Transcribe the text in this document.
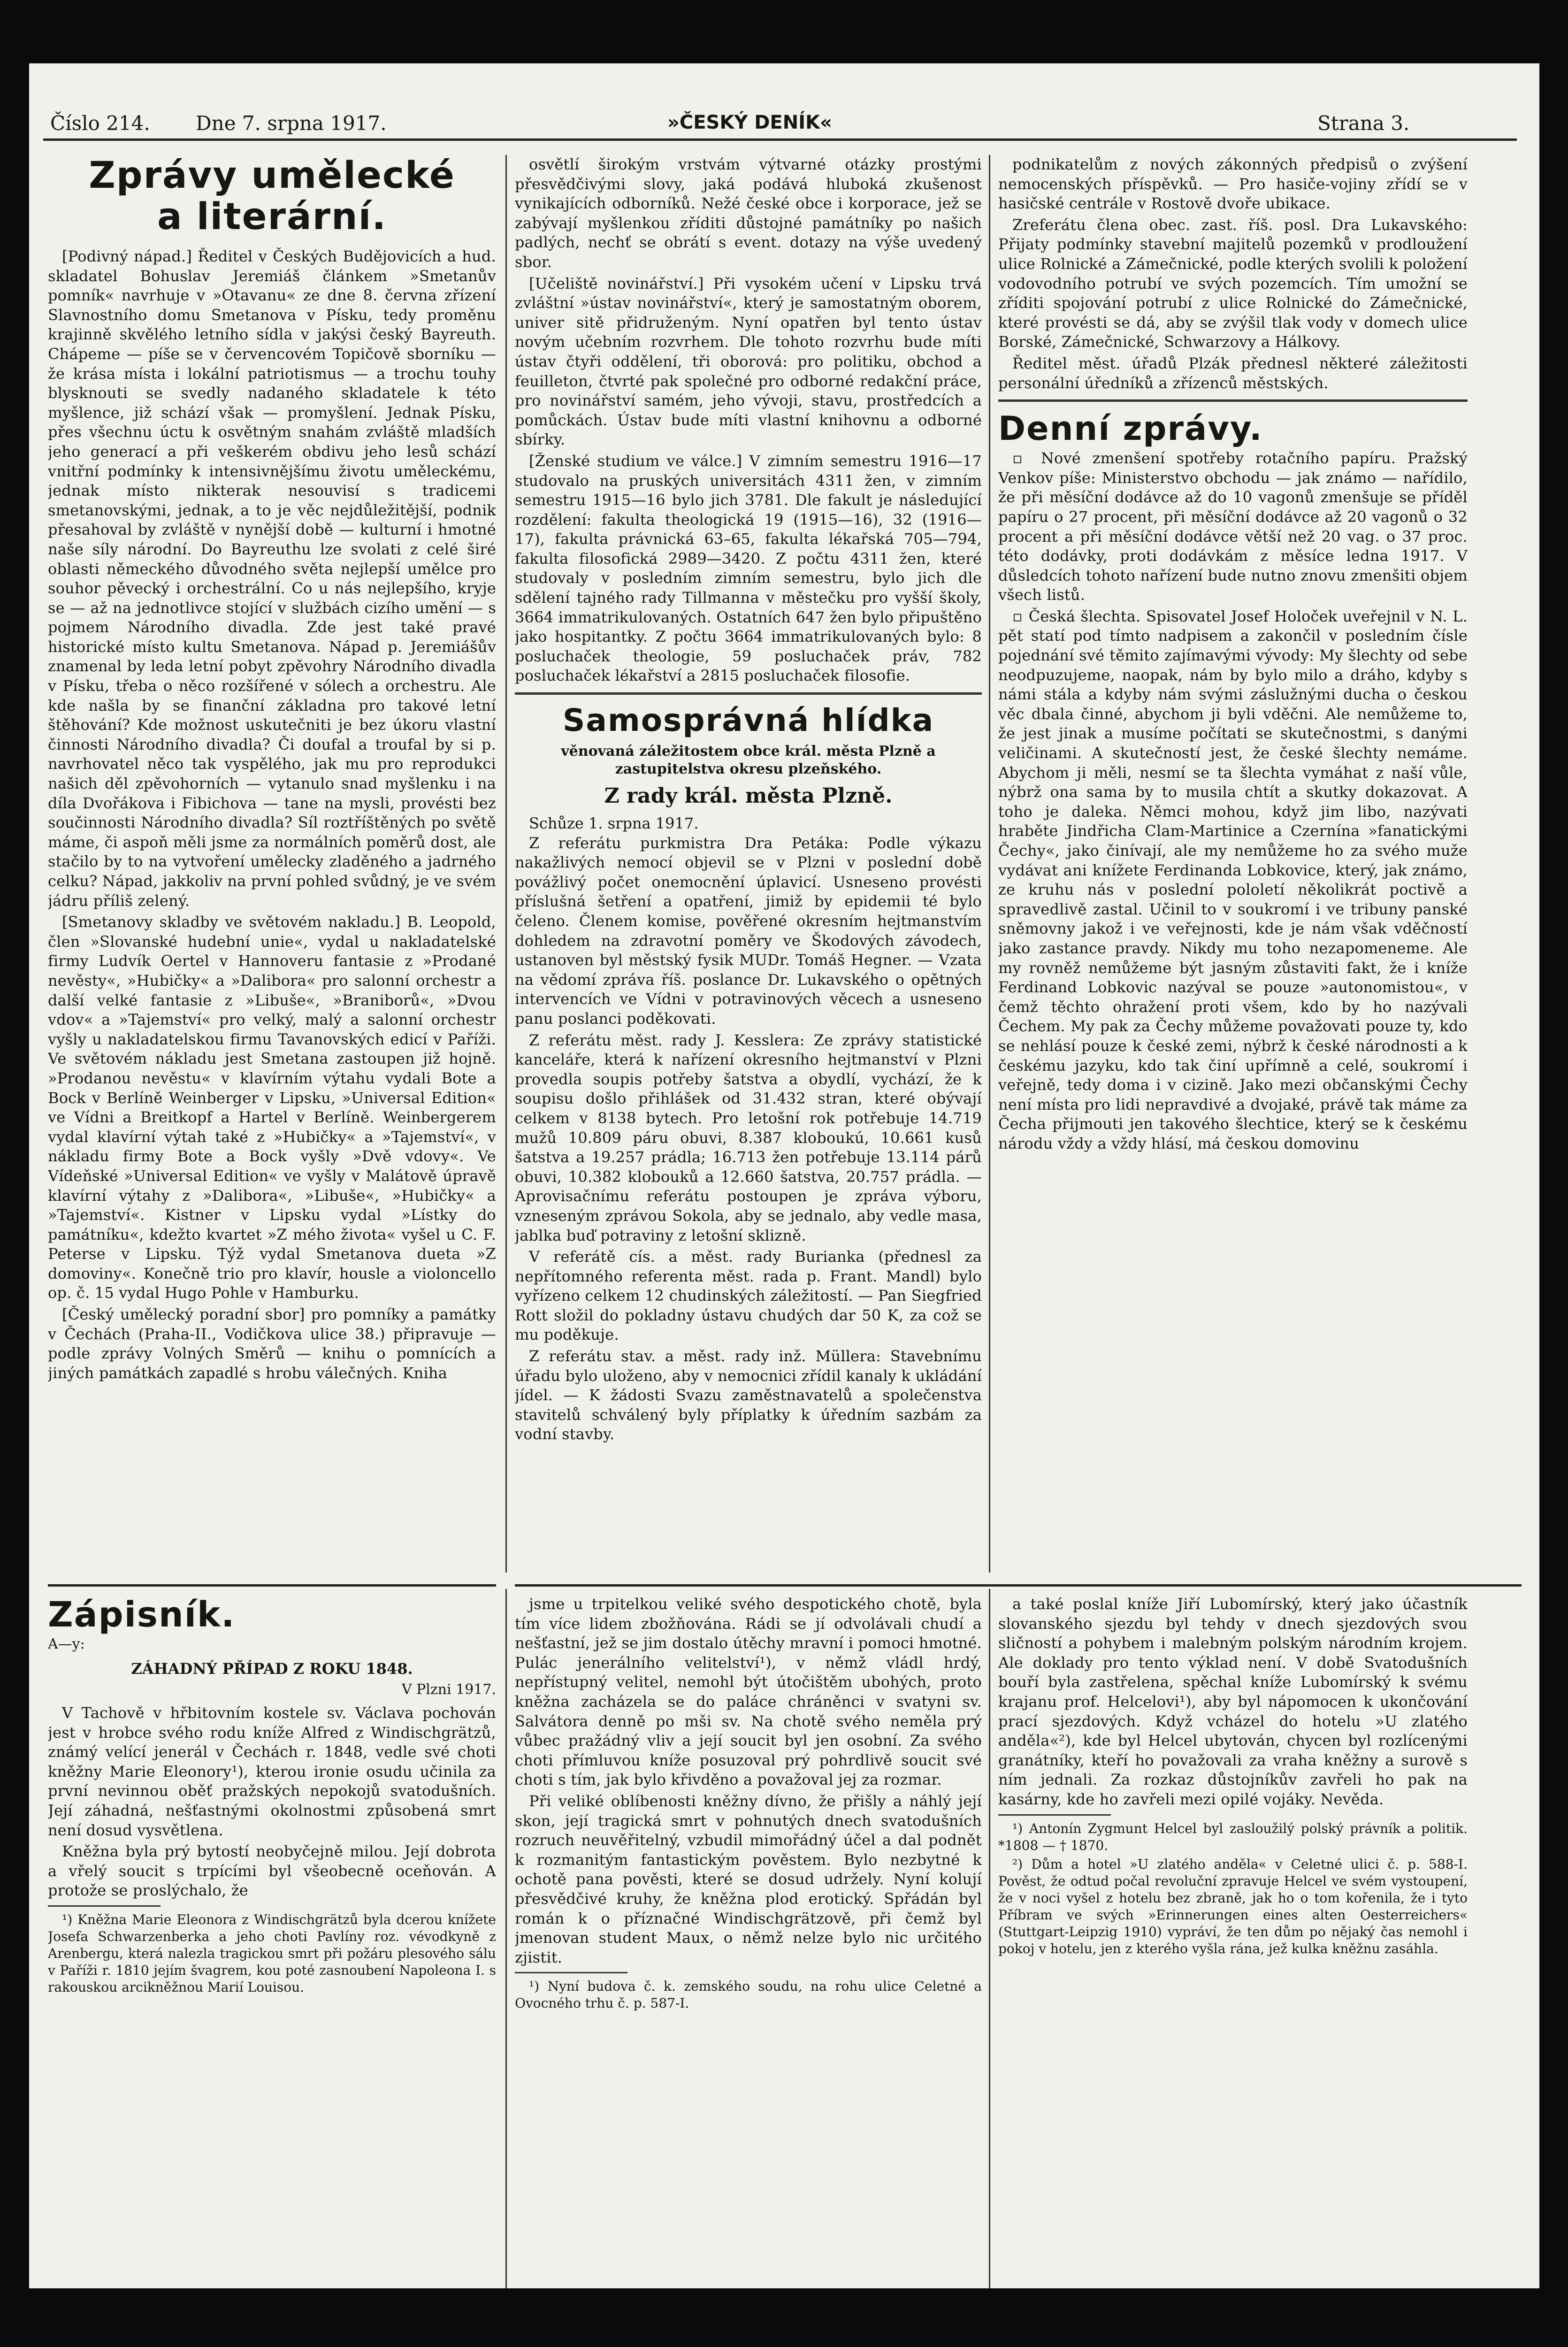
Číslo 214. Dne 7. srpna 1917.	»ČESKÝ DENÍK«	Strana 3.
Zprávy umělecké
a literární.

[Podivný nápad.] Ředitel v Českých Budějovicích a hud. skladatel Bohuslav Jeremiáš článkem »Smetanův pomník« navrhuje v »Otavanu« ze dne 8. června zřízení Slavnostního domu Smetanova v Písku, tedy proměnu krajinně skvělého letního sídla v jakýsi český Bayreuth. Chápeme — píše se v červencovém Topičově sborníku — že krása místa i lokální patriotismus — a trochu touhy blysknouti se svedly nadaného skladatele k této myšlence, již schází však — promyšlení. Jednak Písku, přes všechnu úctu k osvětným snahám zvláště mladších jeho generací a při veškerém obdivu jeho lesů schází vnitřní podmínky k intensivnějšímu životu uměleckému, jednak místo nikterak nesouvisí s tradicemi smetanovskými, jednak, a to je věc nejdůležitější, podnik přesahoval by zvláště v nynější době — kulturní i hmotné naše síly národní. Do Bayreuthu lze svolati z celé širé oblasti německého důvodného světa nejlepší umělce pro souhor pěvecký i orchestrální. Co u nás nejlepšího, kryje se — až na jednotlivce stojící v službách cizího umění — s pojmem Národního divadla. Zde jest také pravé historické místo kultu Smetanova. Nápad p. Jeremiášův znamenal by leda letní pobyt zpěvohry Národního divadla v Písku, třeba o něco rozšířené v sólech a orchestru. Ale kde našla by se finanční základna pro takové letní štěhování? Kde možnost uskutečniti je bez úkoru vlastní činnosti Národního divadla? Či doufal a troufal by si p. navrhovatel něco tak vyspělého, jak mu pro reprodukci našich děl zpěvohorních — vytanulo snad myšlenku i na díla Dvořákova i Fibichova — tane na mysli, provésti bez součinnosti Národního divadla? Síl roztříštěných po světě máme, či aspoň měli jsme za normálních poměrů dost, ale stačilo by to na vytvoření umělecky zladěného a jadrného celku? Nápad, jakkoliv na první pohled svůdný, je ve svém jádru příliš zelený.

[Smetanovy skladby ve světovém nakladu.] B. Leopold, člen »Slovanské hudební unie«, vydal u nakladatelské firmy Ludvík Oertel v Hannoveru fantasie z »Prodané nevěsty«, »Hubičky« a »Dalibora« pro salonní orchestr a další velké fantasie z »Libuše«, »Braniborů«, »Dvou vdov« a »Tajemství« pro velký, malý a salonní orchestr vyšly u nakladatelskou firmu Tavanovských edicí v Paříži. Ve světovém nákladu jest Smetana zastoupen již hojně. »Prodanou nevěstu« v klavírním výtahu vydali Bote a Bock v Berlíně Weinberger v Lipsku, »Universal Edition« ve Vídni a Breitkopf a Hartel v Berlíně. Weinbergerem vydal klavírní výtah také z »Hubičky« a »Tajemství«, v nákladu firmy Bote a Bock vyšly »Dvě vdovy«. Ve Vídeňské »Universal Edition« ve vyšly v Malátově úpravě klavírní výtahy z »Dalibora«, »Libuše«, »Hubičky« a »Tajemství«. Kistner v Lipsku vydal »Lístky do památníku«, kdežto kvartet »Z mého života« vyšel u C. F. Peterse v Lipsku. Týž vydal Smetanova dueta »Z domoviny«. Konečně trio pro klavír, housle a violoncello op. č. 15 vydal Hugo Pohle v Hamburku.

[Český umělecký poradní sbor] pro pomníky a památky v Čechách (Praha-II., Vodičkova ulice 38.) připravuje — podle zprávy Volných Směrů — knihu o pomnících a jiných památkách zapadlé s hrobu válečných. Kniha

Zápisník.
A—y:
ZÁHADNÝ PŘÍPAD Z ROKU 1848.
V Plzni 1917.

V Tachově v hřbitovním kostele sv. Václava pochován jest v hrobce svého rodu kníže Alfred z Windischgrätzů, známý velící jenerál v Čechách r. 1848, vedle své choti kněžny Marie Eleonory¹), kterou ironie osudu učinila za první nevinnou oběť pražských nepokojů svatodušních. Její záhadná, nešťastnými okolnostmi způsobená smrt není dosud vysvětlena.

Kněžna byla prý bytostí neobyčejně milou. Její dobrota a vřelý soucit s trpícími byl všeobecně oceňován. A protože se proslýchalo, že

¹) Kněžna Marie Eleonora z Windischgrätzů byla dcerou knížete Josefa Schwarzenberka a jeho choti Pavlíny roz. vévodkyně z Arenbergu, která nalezla tragickou smrt při požáru plesového sálu v Paříži r. 1810 jejím švagrem, kou poté zasnoubení Napoleona I. s rakouskou arcikněžnou Marií Louisou.

osvětlí širokým vrstvám výtvarné otázky prostými přesvědčivými slovy, jaká podává hluboká zkušenost vynikajících odborníků. Nežé české obce i korporace, jež se zabývají myšlenkou zříditi důstojné památníky po našich padlých, nechť se obrátí s event. dotazy na výše uvedený sbor.

[Učeliště novinářství.] Při vysokém učení v Lipsku trvá zvláštní »ústav novinářství«, který je samostatným oborem, univer sitě přidruženým. Nyní opatřen byl tento ústav novým učebním rozvrhem. Dle tohoto rozvrhu bude míti ústav čtyři oddělení, tři oborová: pro politiku, obchod a feuilleton, čtvrté pak společné pro odborné redakční práce, pro novinářství samém, jeho vývoji, stavu, prostředcích a pomůckách. Ústav bude míti vlastní knihovnu a odborné sbírky.

[Ženské studium ve válce.] V zimním semestru 1916—17 studovalo na pruských universitách 4311 žen, v zimním semestru 1915—16 bylo jich 3781. Dle fakult je následující rozdělení: fakulta theologická 19 (1915—16), 32 (1916—17), fakulta právnická 63–65, fakulta lékařská 705—794, fakulta filosofická 2989—3420. Z počtu 4311 žen, které studovaly v posledním zimním semestru, bylo jich dle sdělení tajného rady Tillmanna v městečku pro vyšší školy, 3664 immatrikulovaných. Ostatních 647 žen bylo připuštěno jako hospitantky. Z počtu 3664 immatrikulovaných bylo: 8 posluchaček theologie, 59 posluchaček práv, 782 posluchaček lékařství a 2815 posluchaček filosofie.

Samosprávná hlídka
věnovaná záležitostem obce král. města Plzně a zastupitelstva okresu plzeňského.
Z rady král. města Plzně.

Schůze 1. srpna 1917.

Z referátu purkmistra Dra Petáka: Podle výkazu nakažlivých nemocí objevil se v Plzni v poslední době povážlivý počet onemocnění úplavicí. Usneseno provésti příslušná šetření a opatření, jimiž by epidemii té bylo čeleno. Členem komise, pověřené okresním hejtmanstvím dohledem na zdravotní poměry ve Škodových závodech, ustanoven byl městský fysik MUDr. Tomáš Hegner. — Vzata na vědomí zpráva říš. poslance Dr. Lukavského o opětných intervencích ve Vídni v potravinových věcech a usneseno panu poslanci poděkovati.

Z referátu měst. rady J. Kesslera: Ze zprávy statistické kanceláře, která k nařízení okresního hejtmanství v Plzni provedla soupis potřeby šatstva a obydlí, vychází, že k soupisu došlo přihlášek od 31.432 stran, které obývají celkem v 8138 bytech. Pro letošní rok potřebuje 14.719 mužů 10.809 páru obuvi, 8.387 kloboukú, 10.661 kusů šatstva a 19.257 prádla; 16.713 žen potřebuje 13.114 párů obuvi, 10.382 klobouků a 12.660 šatstva, 20.757 prádla. — Aprovisačnímu referátu postoupen je zpráva výboru, vzneseným zprávou Sokola, aby se jednalo, aby vedle masa, jablka buď potraviny z letošní sklizně.

V referátě cís. a měst. rady Burianka (přednesl za nepřítomného referenta měst. rada p. Frant. Mandl) bylo vyřízeno celkem 12 chudinských záležitostí. — Pan Siegfried Rott složil do pokladny ústavu chudých dar 50 K, za což se mu poděkuje.

Z referátu stav. a měst. rady inž. Müllera: Stavebnímu úřadu bylo uloženo, aby v nemocnici zřídil kanaly k ukládání jídel. — K žádosti Svazu zaměstnavatelů a společenstva stavitelů schválený byly příplatky k úředním sazbám za vodní stavby.

jsme u trpitelkou veliké svého despotického chotě, byla tím více lidem zbožňována. Rádi se jí odvolávali chudí a nešťastní, jež se jim dostalo útěchy mravní i pomoci hmotné. Pulác jenerálního velitelství¹), v němž vládl hrdý, nepřístupný velitel, nemohl být útočištěm ubohých, proto kněžna zacházela se do paláce chráněnci v svatyni sv. Salvátora denně po mši sv. Na chotě svého neměla prý vůbec pražádný vliv a její soucit byl jen osobní. Za svého choti přímluvou kníže posuzoval prý pohrdlivě soucit své choti s tím, jak bylo křivděno a považoval jej za rozmar.

Při veliké oblíbenosti kněžny dívno, že přišly a náhlý její skon, její tragická smrt v pohnutých dnech svatodušních rozruch neuvěřitelný, vzbudil mimořádný účel a dal podnět k rozmanitým fantastickým pověstem. Bylo nezbytné k ochotě pana pověsti, které se dosud udržely. Nyní kolují přesvědčivé kruhy, že kněžna plod erotický. Spřádán byl román k o příznačné Windischgrätzově, při čemž byl jmenovan student Maux, o němž nelze bylo nic určitého zjistit.

¹) Nyní budova č. k. zemského soudu, na rohu ulice Celetné a Ovocného trhu č. p. 587-I.

podnikatelům z nových zákonných předpisů o zvýšení nemocenských příspěvků. — Pro hasiče-vojiny zřídí se v hasičské centrále v Rostově dvoře ubikace.

Zreferátu člena obec. zast. říš. posl. Dra Lukavského: Přijaty podmínky stavební majitelů pozemků v prodloužení ulice Rolnické a Zámečnické, podle kterých svolili k položení vodovodního potrubí ve svých pozemcích. Tím umožní se zříditi spojování potrubí z ulice Rolnické do Zámečnické, které provésti se dá, aby se zvýšil tlak vody v domech ulice Borské, Zámečnické, Schwarzovy a Hálkovy.

Ředitel měst. úřadů Plzák přednesl některé záležitosti personální úředníků a zřízenců městských.

Denní zprávy.

▫ Nové zmenšení spotřeby rotačního papíru. Pražský Venkov píše: Ministerstvo obchodu — jak známo — nařídilo, že při měsíční dodávce až do 10 vagonů zmenšuje se příděl papíru o 27 procent, při měsíční dodávce až 20 vagonů o 32 procent a při měsíční dodávce větší než 20 vag. o 37 proc. této dodávky, proti dodávkám z měsíce ledna 1917. V důsledcích tohoto nařízení bude nutno znovu zmenšiti objem všech listů.

▫ Česká šlechta. Spisovatel Josef Holoček uveřejnil v N. L. pět statí pod tímto nadpisem a zakončil v posledním čísle pojednání své těmito zajímavými vývody: My šlechty od sebe neodpuzujeme, naopak, nám by bylo milo a dráho, kdyby s námi stála a kdyby nám svými záslužnými ducha o českou věc dbala činné, abychom ji byli vděčni. Ale nemůžeme to, že jest jinak a musíme počítati se skutečnostmi, s danými veličinami. A skutečností jest, že české šlechty nemáme. Abychom ji měli, nesmí se ta šlechta vymáhat z naší vůle, nýbrž ona sama by to musila chtít a skutky dokazovat. A toho je daleka. Němci mohou, když jim libo, nazývati hraběte Jindřicha Clam-Martinice a Czernína »fanatickými Čechy«, jako činívají, ale my nemůžeme ho za svého muže vydávat ani knížete Ferdinanda Lobkovice, který, jak známo, ze kruhu nás v poslední pololetí několikrát poctivě a spravedlivě zastal. Učinil to v soukromí i ve tribuny panské sněmovny jakož i ve veřejnosti, kde je nám však vděčností jako zastance pravdy. Nikdy mu toho nezapomeneme. Ale my rovněž nemůžeme být jasným zůstaviti fakt, že i kníže Ferdinand Lobkovic nazýval se pouze »autonomistou«, v čemž těchto ohražení proti všem, kdo by ho nazývali Čechem. My pak za Čechy můžeme považovati pouze ty, kdo se nehlásí pouze k české zemi, nýbrž k české národnosti a k českému jazyku, kdo tak činí upřímně a celé, soukromí i veřejně, tedy doma i v cizině. Jako mezi občanskými Čechy není místa pro lidi nepravdivé a dvojaké, právě tak máme za Čecha přijmouti jen takového šlechtice, který se k českému národu vždy a vždy hlásí, má českou domovinu

a také poslal kníže Jiří Lubomírský, který jako účastník slovanského sjezdu byl tehdy v dnech sjezdových svou sličností a pohybem i malebným polským národním krojem. Ale doklady pro tento výklad není. V době Svatodušních bouří byla zastřelena, spěchal kníže Lubomírský k svému krajanu prof. Helcelovi¹), aby byl nápomocen k ukončování prací sjezdových. Když vcházel do hotelu »U zlatého anděla«²), kde byl Helcel ubytován, chycen byl rozlícenými granátníky, kteří ho považovali za vraha kněžny a surově s ním jednali. Za rozkaz důstojníkův zavřeli ho pak na kasárny, kde ho zavřeli mezi opilé vojáky. Nevěda.

¹) Antonín Zygmunt Helcel byl zasloužilý polský právník a politik. *1808 — † 1870.

²) Dům a hotel »U zlatého anděla« v Celetné ulici č. p. 588-I. Pověst, že odtud počal revoluční zpravuje Helcel ve svém vystoupení, že v noci vyšel z hotelu bez zbraně, jak ho o tom kořenila, že i tyto Příbram ve svých »Erinnerungen eines alten Oesterreichers« (Stuttgart-Leipzig 1910) vypráví, že ten dům po nějaký čas nemohl i pokoj v hotelu, jen z kterého vyšla rána, jež kulka kněžnu zasáhla.
